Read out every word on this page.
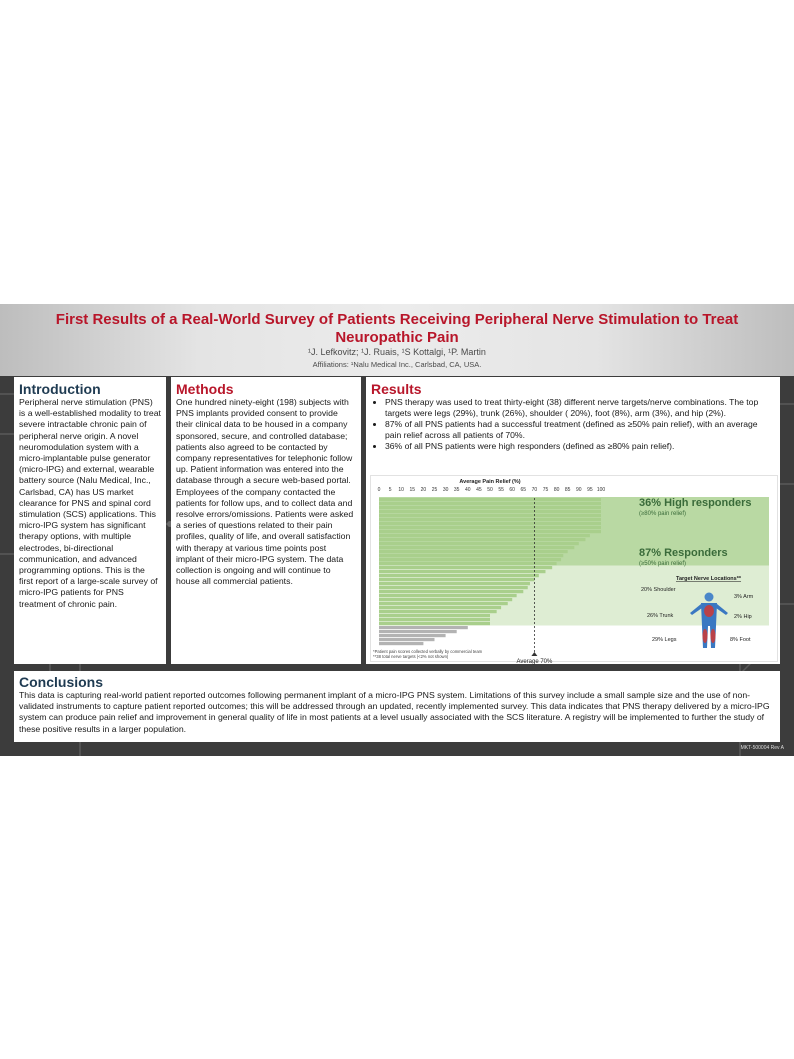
First Results of a Real-World Survey of Patients Receiving Peripheral Nerve Stimulation to Treat Neuropathic Pain
¹J. Lefkovitz; ¹J. Ruais, ¹S Kottalgi, ¹P. Martin
Affiliations: ¹Nalu Medical Inc., Carlsbad, CA, USA.
Introduction

Peripheral nerve stimulation (PNS) is a well-established modality to treat severe intractable chronic pain of peripheral nerve origin. A novel neuromodulation system with a micro-implantable pulse generator (micro-IPG) and external, wearable battery source (Nalu Medical, Inc., Carlsbad, CA) has US market clearance for PNS and spinal cord stimulation (SCS) applications. This micro-IPG system has significant therapy options, with multiple electrodes, bi-directional communication, and advanced programming options. This is the first report of a large-scale survey of micro-IPG patients for PNS treatment of chronic pain.

Methods

One hundred ninety-eight (198) subjects with PNS implants provided consent to provide their clinical data to be housed in a company sponsored, secure, and controlled database; patients also agreed to be contacted by company representatives for telephonic follow up. Patient information was entered into the database through a secure web-based portal. Employees of the company contacted the patients for follow ups, and to collect data and resolve errors/omissions. Patients were asked a series of questions related to their pain profiles, quality of life, and overall satisfaction with therapy at various time points post implant of their micro-IPG system. The data collection is ongoing and will continue to house all commercial patients.

Results
• PNS therapy was used to treat thirty-eight (38) different nerve targets/nerve combinations. The top targets were legs (29%), trunk (26%), shoulder ( 20%), foot (8%), arm (3%), and hip (2%).
• 87% of all PNS patients had a successful treatment (defined as ≥50% pain relief), with an average pain relief across all patients of 70%.
• 36% of all PNS patients were high responders (defined as ≥80% pain relief).
Average Pain Relief (%)
0 5 10 15 20 25 30 35 40 45 50 55 60 65 70 75 80 85 90 95 100
Average 70%
36% High responders
(≥80% pain relief)
87% Responders
(≥50% pain relief)
*Patient pain scores collected verbally by commercial team
**38 total nerve targets (<2% not shown)
Target Nerve Locations**
20% Shoulder
3% Arm
26% Trunk	2% Hip
29% Legs	8% Foot
Conclusions

This data is capturing real-world patient reported outcomes following permanent implant of a micro-IPG PNS system. Limitations of this survey include a small sample size and the use of non-validated instruments to capture patient reported outcomes; this will be addressed through an updated, recently implemented survey. This data indicates that PNS therapy delivered by a micro-IPG system can produce pain relief and improvement in general quality of life in most patients at a level usually associated with the SCS literature. A registry will be implemented to further the study of these positive results in a larger population.

MKT-500004 Rev A
